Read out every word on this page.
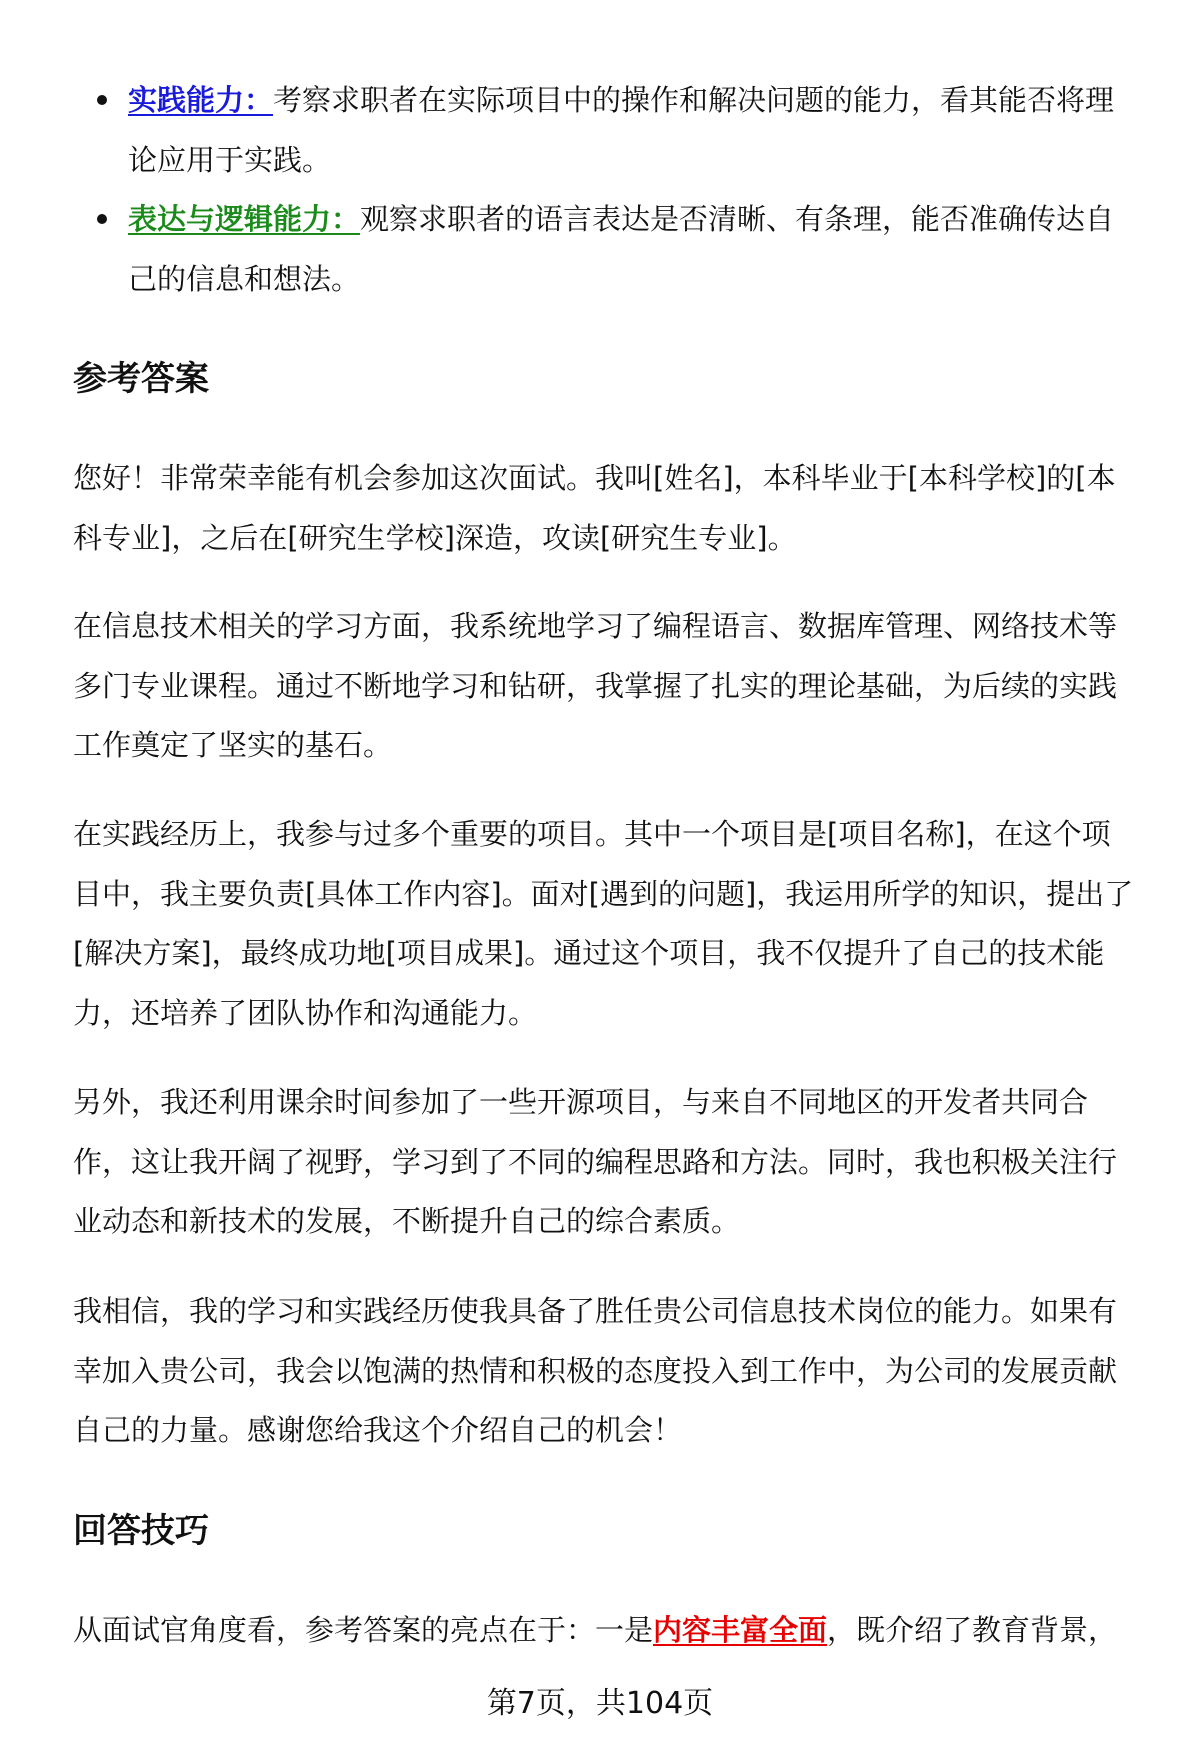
实践能力：考察求职者在实际项目中的操作和解决问题的能力，看其能否将理
论应用于实践。
表达与逻辑能力：观察求职者的语言表达是否清晰、有条理，能否准确传达自
己的信息和想法。
参考答案
您好！非常荣幸能有机会参加这次面试。我叫[姓名]，本科毕业于[本科学校]的[本
科专业]，之后在[研究生学校]深造，攻读[研究生专业]。
在信息技术相关的学习方面，我系统地学习了编程语言、数据库管理、网络技术等
多门专业课程。通过不断地学习和钻研，我掌握了扎实的理论基础，为后续的实践
工作奠定了坚实的基石。
在实践经历上，我参与过多个重要的项目。其中一个项目是[项目名称]，在这个项
目中，我主要负责[具体工作内容]。面对[遇到的问题]，我运用所学的知识，提出了
[解决方案]，最终成功地[项目成果]。通过这个项目，我不仅提升了自己的技术能
力，还培养了团队协作和沟通能力。
另外，我还利用课余时间参加了一些开源项目，与来自不同地区的开发者共同合
作，这让我开阔了视野，学习到了不同的编程思路和方法。同时，我也积极关注行
业动态和新技术的发展，不断提升自己的综合素质。
我相信，我的学习和实践经历使我具备了胜任贵公司信息技术岗位的能力。如果有
幸加入贵公司，我会以饱满的热情和积极的态度投入到工作中，为公司的发展贡献
自己的力量。感谢您给我这个介绍自己的机会！
回答技巧
从面试官角度看，参考答案的亮点在于：一是内容丰富全面，既介绍了教育背景，
第7页，共104页
